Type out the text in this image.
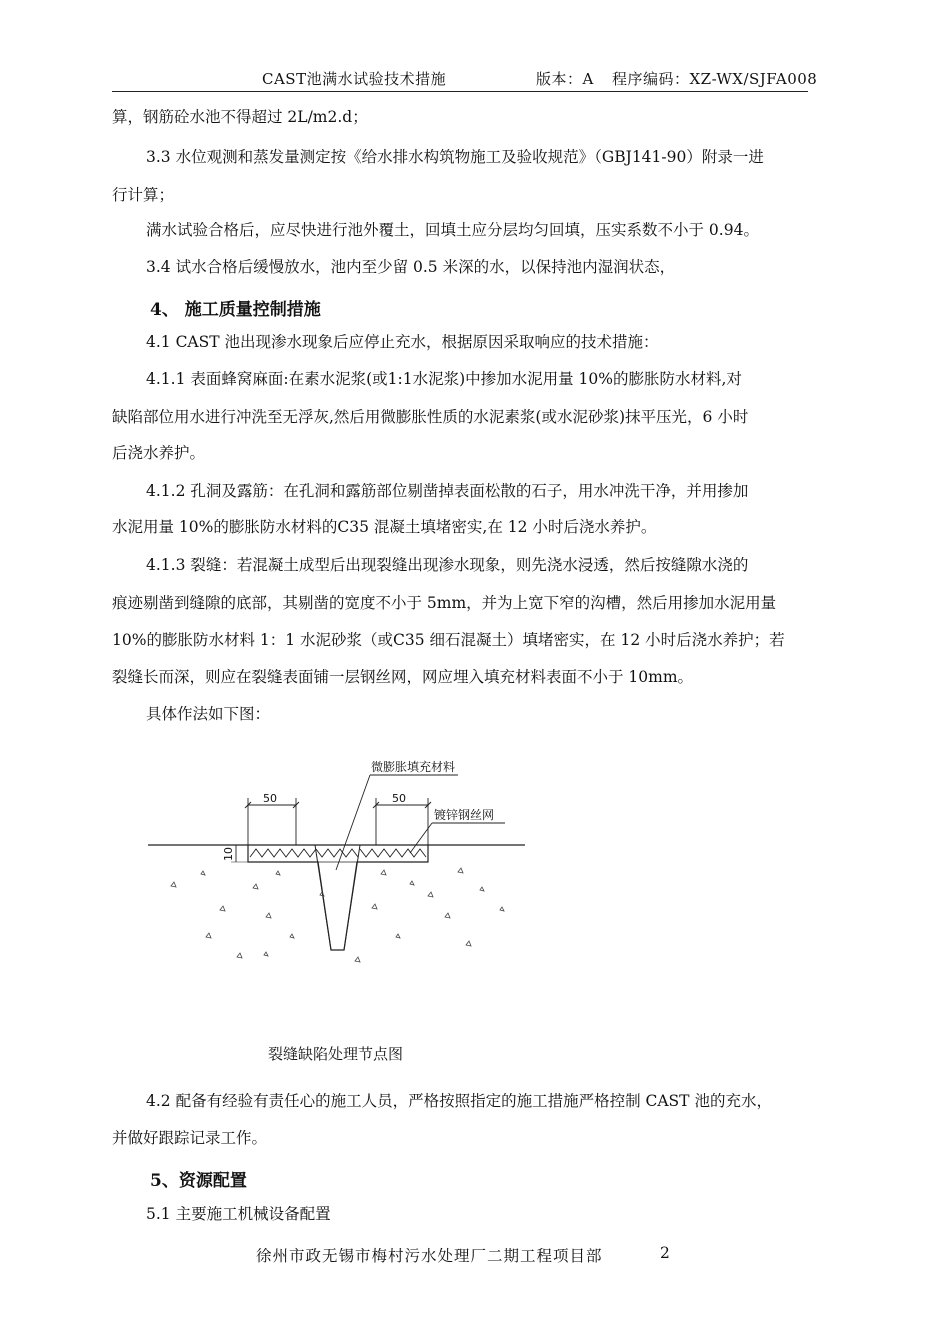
CAST池满水试验技术措施	版本：A 程序编码：XZ-WX/SJFA008
算，钢筋砼水池不得超过 2L/m2.d；
3.3 水位观测和蒸发量测定按《给水排水构筑物施工及验收规范》（GBJ141-90）附录一进
行计算；
满水试验合格后，应尽快进行池外覆土，回填土应分层均匀回填，压实系数不小于 0.94。
3.4 试水合格后缓慢放水，池内至少留 0.5 米深的水，以保持池内湿润状态，
4、 施工质量控制措施
4.1 CAST 池出现渗水现象后应停止充水，根据原因采取响应的技术措施：
4.1.1 表面蜂窝麻面:在素水泥浆(或1:1水泥浆)中掺加水泥用量 10%的膨胀防水材料,对
缺陷部位用水进行冲洗至无浮灰,然后用微膨胀性质的水泥素浆(或水泥砂浆)抹平压光，6 小时
后浇水养护。
4.1.2 孔洞及露筋：在孔洞和露筋部位剔凿掉表面松散的石子，用水冲洗干净，并用掺加
水泥用量 10%的膨胀防水材料的C35 混凝土填堵密实,在 12 小时后浇水养护。
4.1.3 裂缝：若混凝土成型后出现裂缝出现渗水现象，则先浇水浸透，然后按缝隙水浇的
痕迹剔凿到缝隙的底部，其剔凿的宽度不小于 5mm，并为上宽下窄的沟槽，然后用掺加水泥用量
10%的膨胀防水材料 1：1 水泥砂浆（或C35 细石混凝土）填堵密实，在 12 小时后浇水养护；若
裂缝长而深，则应在裂缝表面铺一层钢丝网，网应埋入填充材料表面不小于 10mm。
具体作法如下图：
50	50
10
微膨胀填充材料
镀锌钢丝网
裂缝缺陷处理节点图
4.2 配备有经验有责任心的施工人员，严格按照指定的施工措施严格控制 CAST 池的充水，
并做好跟踪记录工作。
5、资源配置
5.1 主要施工机械设备配置
徐州市政无锡市梅村污水处理厂二期工程项目部	2
